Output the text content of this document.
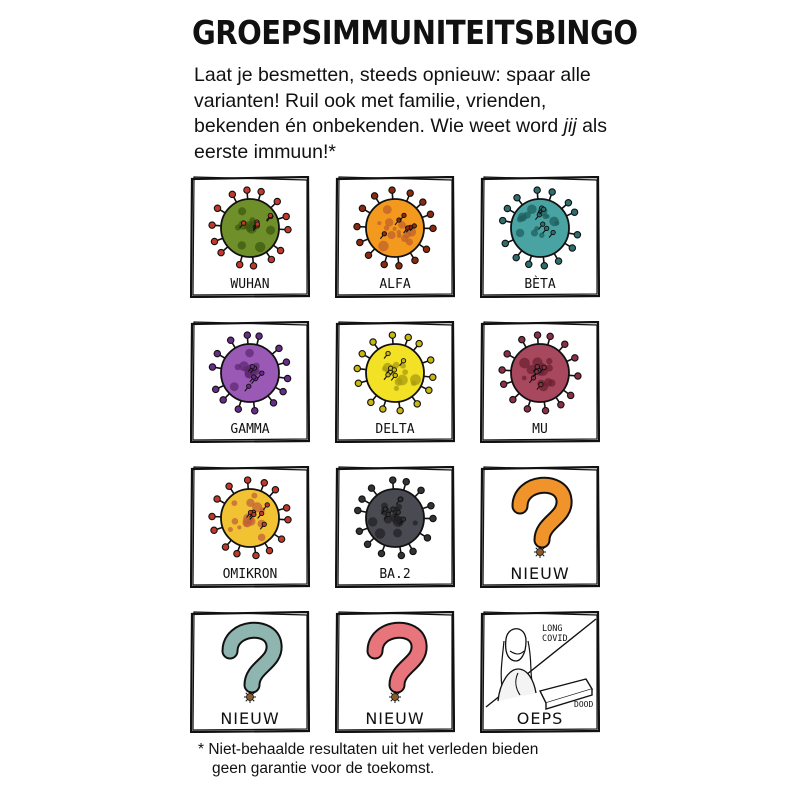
GROEPSIMMUNITEITSBINGO
Laat je besmetten, steeds opnieuw: spaar alle varianten! Ruil ook met familie, vrienden, bekenden én onbekenden. Wie weet word jij als eerste immuun!*
WUHAN	ALFA	BÈTA
GAMMA	DELTA	MU
OMIKRON	BA.2	NIEUW
NIEUW	NIEUW
LONG
COVID
DOOD
OEPS
* Niet-behaalde resultaten uit het verleden bieden
geen garantie voor de toekomst.
